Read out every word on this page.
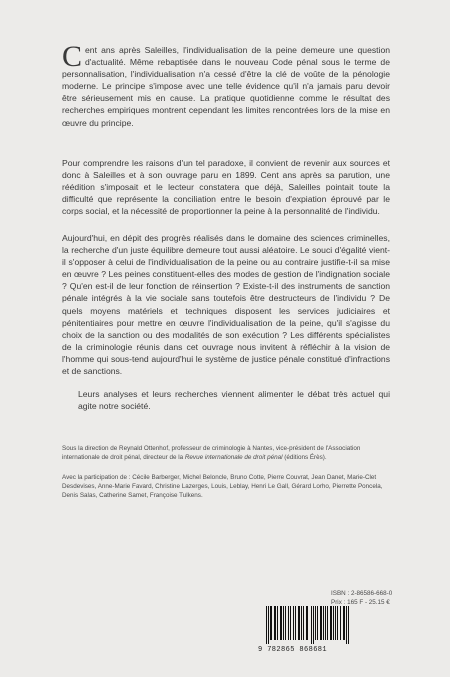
Cent ans après Saleilles, l'individualisation de la peine demeure une question d'actualité. Même rebaptisée dans le nouveau Code pénal sous le terme de personnalisation, l'individualisation n'a cessé d'être la clé de voûte de la pénologie moderne. Le principe s'impose avec une telle évidence qu'il n'a jamais paru devoir être sérieusement mis en cause. La pratique quotidienne comme le résultat des recherches empiriques montrent cependant les limites rencontrées lors de la mise en œuvre du principe.
Pour comprendre les raisons d'un tel paradoxe, il convient de revenir aux sources et donc à Saleilles et à son ouvrage paru en 1899. Cent ans après sa parution, une réédition s'imposait et le lecteur constatera que déjà, Saleilles pointait toute la difficulté que représente la conciliation entre le besoin d'expiation éprouvé par le corps social, et la nécessité de proportionner la peine à la personnalité de l'individu.
Aujourd'hui, en dépit des progrès réalisés dans le domaine des sciences criminelles, la recherche d'un juste équilibre demeure tout aussi aléatoire. Le souci d'égalité vient-il s'opposer à celui de l'individualisation de la peine ou au contraire justifie-t-il sa mise en œuvre ? Les peines constituent-elles des modes de gestion de l'indignation sociale ? Qu'en est-il de leur fonction de réinsertion ? Existe-t-il des instruments de sanction pénale intégrés à la vie sociale sans toutefois être destructeurs de l'individu ? De quels moyens matériels et techniques disposent les services judiciaires et pénitentiaires pour mettre en œuvre l'individualisation de la peine, qu'il s'agisse du choix de la sanction ou des modalités de son exécution ? Les différents spécialistes de la criminologie réunis dans cet ouvrage nous invitent à réfléchir à la vision de l'homme qui sous-tend aujourd'hui le système de justice pénale constitué d'infractions et de sanctions.
Leurs analyses et leurs recherches viennent alimenter le débat très actuel qui agite notre société.
Sous la direction de Reynald Ottenhof, professeur de criminologie à Nantes, vice-président de l'Association internationale de droit pénal, directeur de la Revue internationale de droit pénal (éditions Érès).
Avec la participation de : Cécile Barberger, Michel Beloncle, Bruno Cotte, Pierre Couvrat, Jean Danet, Marie-Clet Desdevises, Anne-Marie Favard, Christine Lazerges, Louis, Leblay, Henri Le Gall, Gérard Lorho, Pierrette Poncela, Denis Salas, Catherine Samet, Françoise Tulkens.
ISBN : 2-86586-668-0
Prix : 165 F - 25.15 €
9 782865 868681
